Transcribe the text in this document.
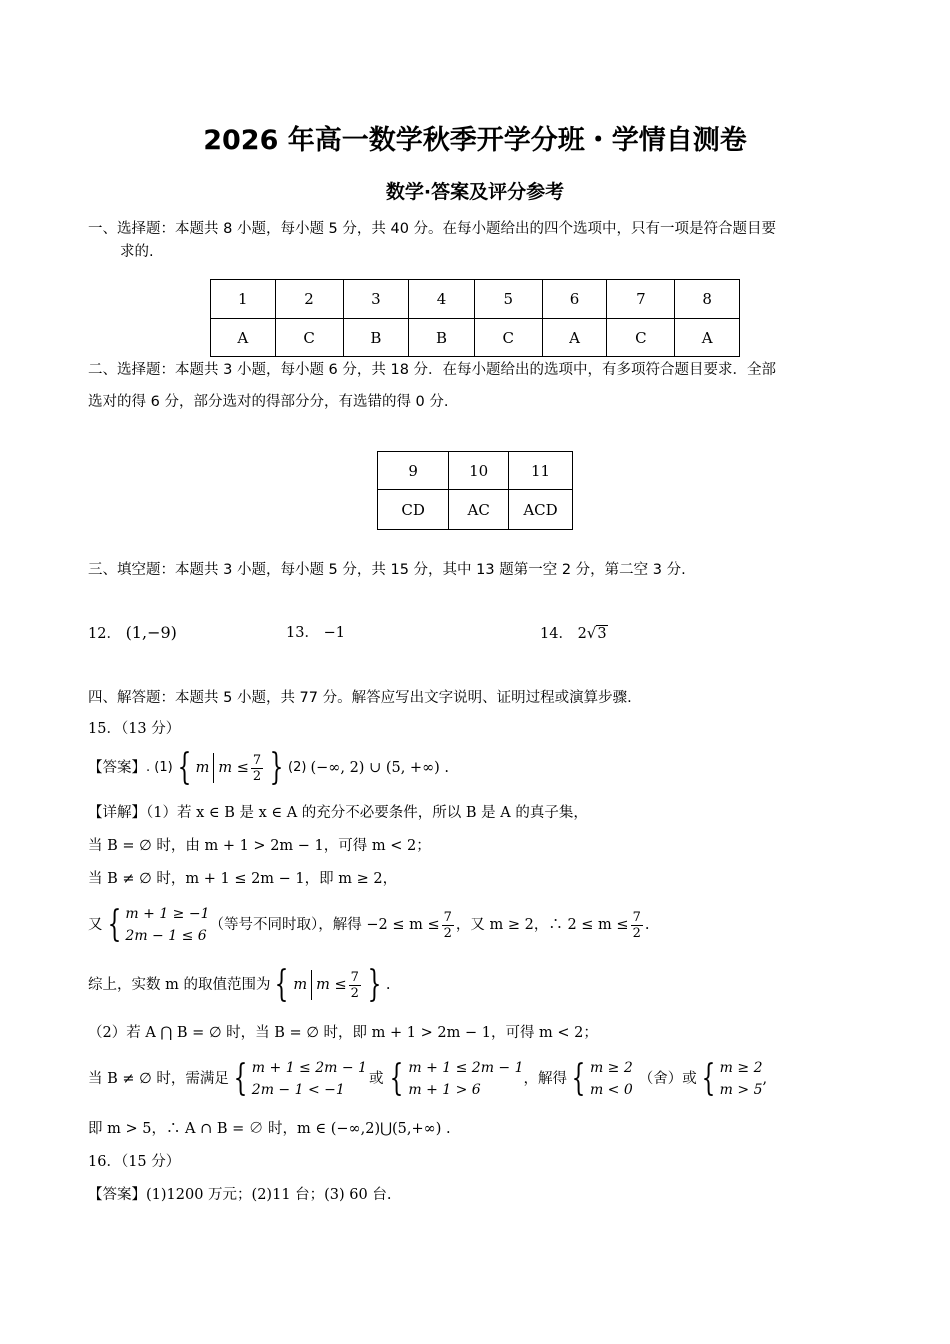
2026 年高一数学秋季开学分班・学情自测卷
数学·答案及评分参考
一、选择题：本题共 8 小题，每小题 5 分，共 40 分。在每小题给出的四个选项中，只有一项是符合题目要
求的.
1	2	3	4	5	6	7	8
A	C	B	B	C	A	C	A
二、选择题：本题共 3 小题，每小题 6 分，共 18 分．在每小题给出的选项中，有多项符合题目要求．全部
选对的得 6 分，部分选对的得部分分，有选错的得 0 分.
9	10	11
CD	AC	ACD
三、填空题：本题共 3 小题，每小题 5 分，共 15 分，其中 13 题第一空 2 分，第二空 3 分.
12． (1,−9)	13． −1	14． 2√3
四、解答题：本题共 5 小题，共 77 分。解答应写出文字说明、证明过程或演算步骤.
15．（13 分）
【答案】 . (1) { m $m \le \frac{7}{2}$ } (2) (−∞, 2) ∪ (5, +∞) .
【详解】（1）若 x ∈ B 是 x ∈ A 的充分不必要条件，所以 B 是 A 的真子集，
当 B = ∅ 时，由 m + 1 > 2m − 1，可得 m < 2；
当 B ≠ ∅ 时，m + 1 ≤ 2m − 1，即 m ≥ 2，
又 { m + 1 ≥ −1
2m − 1 ≤ 6
（等号不同时取），解得 $-2 \le m \le \frac{7}{2}$ ，又 m ≥ 2，∴ $2 \le m \le \frac{7}{2}$ .
综上，实数 m 的取值范围为 { m $m \le \frac{7}{2}$ } .
（2）若 A ⋂ B = ∅ 时，当 B = ∅ 时，即 m + 1 > 2m − 1，可得 m < 2；
当 B ≠ ∅ 时，需满足 { m + 1 ≤ 2m − 1
2m − 1 < −1
或 { m + 1 ≤ 2m − 1
m + 1 > 6
，解得 { m ≥ 2
m < 0
（舍）或 { m ≥ 2
m > 5
,
即 m > 5，∴ A ∩ B = ∅ 时，m ∈ (−∞,2)⋃(5,+∞) .
16．（15 分）
【答案】(1)1200 万元；(2)11 台；(3) 60 台.
